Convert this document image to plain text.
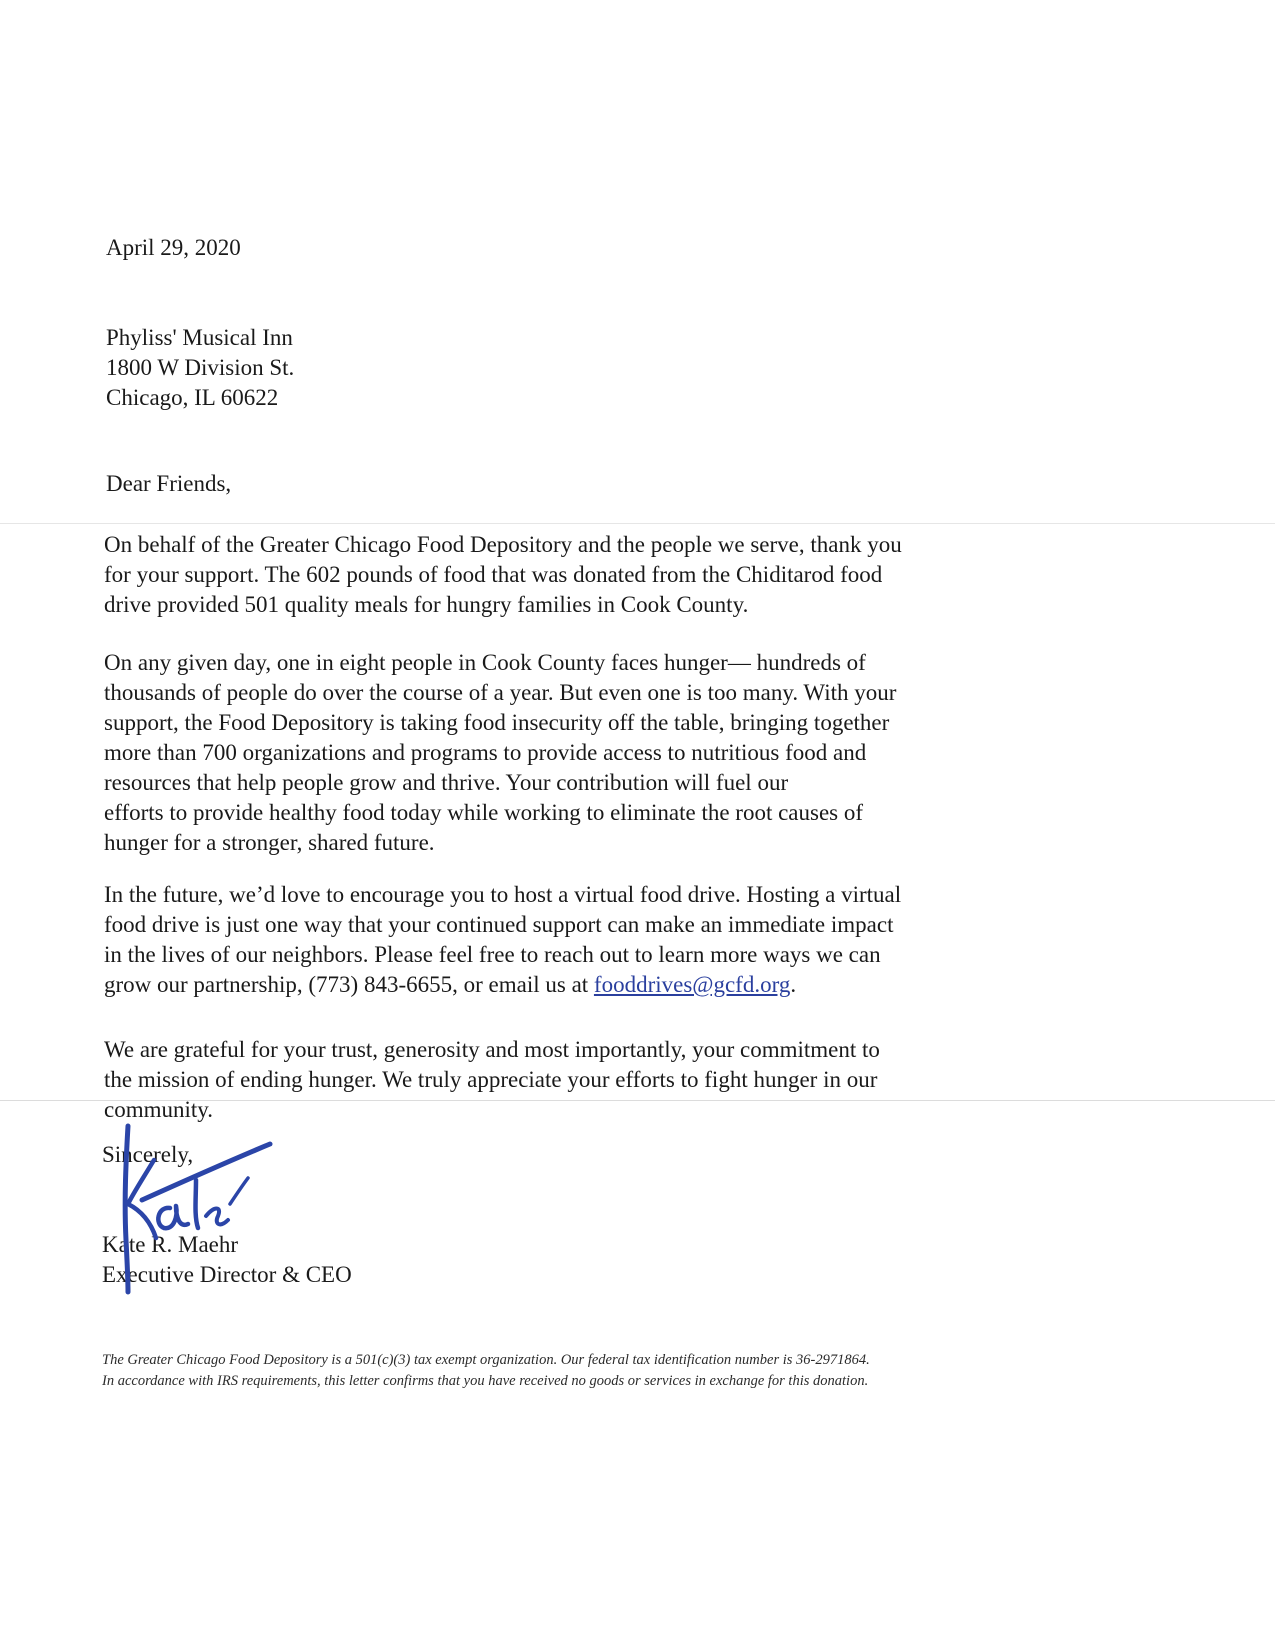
April 29, 2020

Phyliss' Musical Inn
1800 W Division St.
Chicago, IL 60622

Dear Friends,

On behalf of the Greater Chicago Food Depository and the people we serve, thank you
for your support. The 602 pounds of food that was donated from the Chiditarod food
drive provided 501 quality meals for hungry families in Cook County.

On any given day, one in eight people in Cook County faces hunger— hundreds of
thousands of people do over the course of a year. But even one is too many. With your
support, the Food Depository is taking food insecurity off the table, bringing together
more than 700 organizations and programs to provide access to nutritious food and
resources that help people grow and thrive. Your contribution will fuel our
efforts to provide healthy food today while working to eliminate the root causes of
hunger for a stronger, shared future.

In the future, we’d love to encourage you to host a virtual food drive. Hosting a virtual
food drive is just one way that your continued support can make an immediate impact
in the lives of our neighbors. Please feel free to reach out to learn more ways we can
grow our partnership, (773) 843-6655, or email us at fooddrives@gcfd.org.

We are grateful for your trust, generosity and most importantly, your commitment to
the mission of ending hunger. We truly appreciate your efforts to fight hunger in our
community.

Sincerely,

Kate R. Maehr

Executive Director & CEO

The Greater Chicago Food Depository is a 501(c)(3) tax exempt organization. Our federal tax identification number is 36-2971864.
In accordance with IRS requirements, this letter confirms that you have received no goods or services in exchange for this donation.
